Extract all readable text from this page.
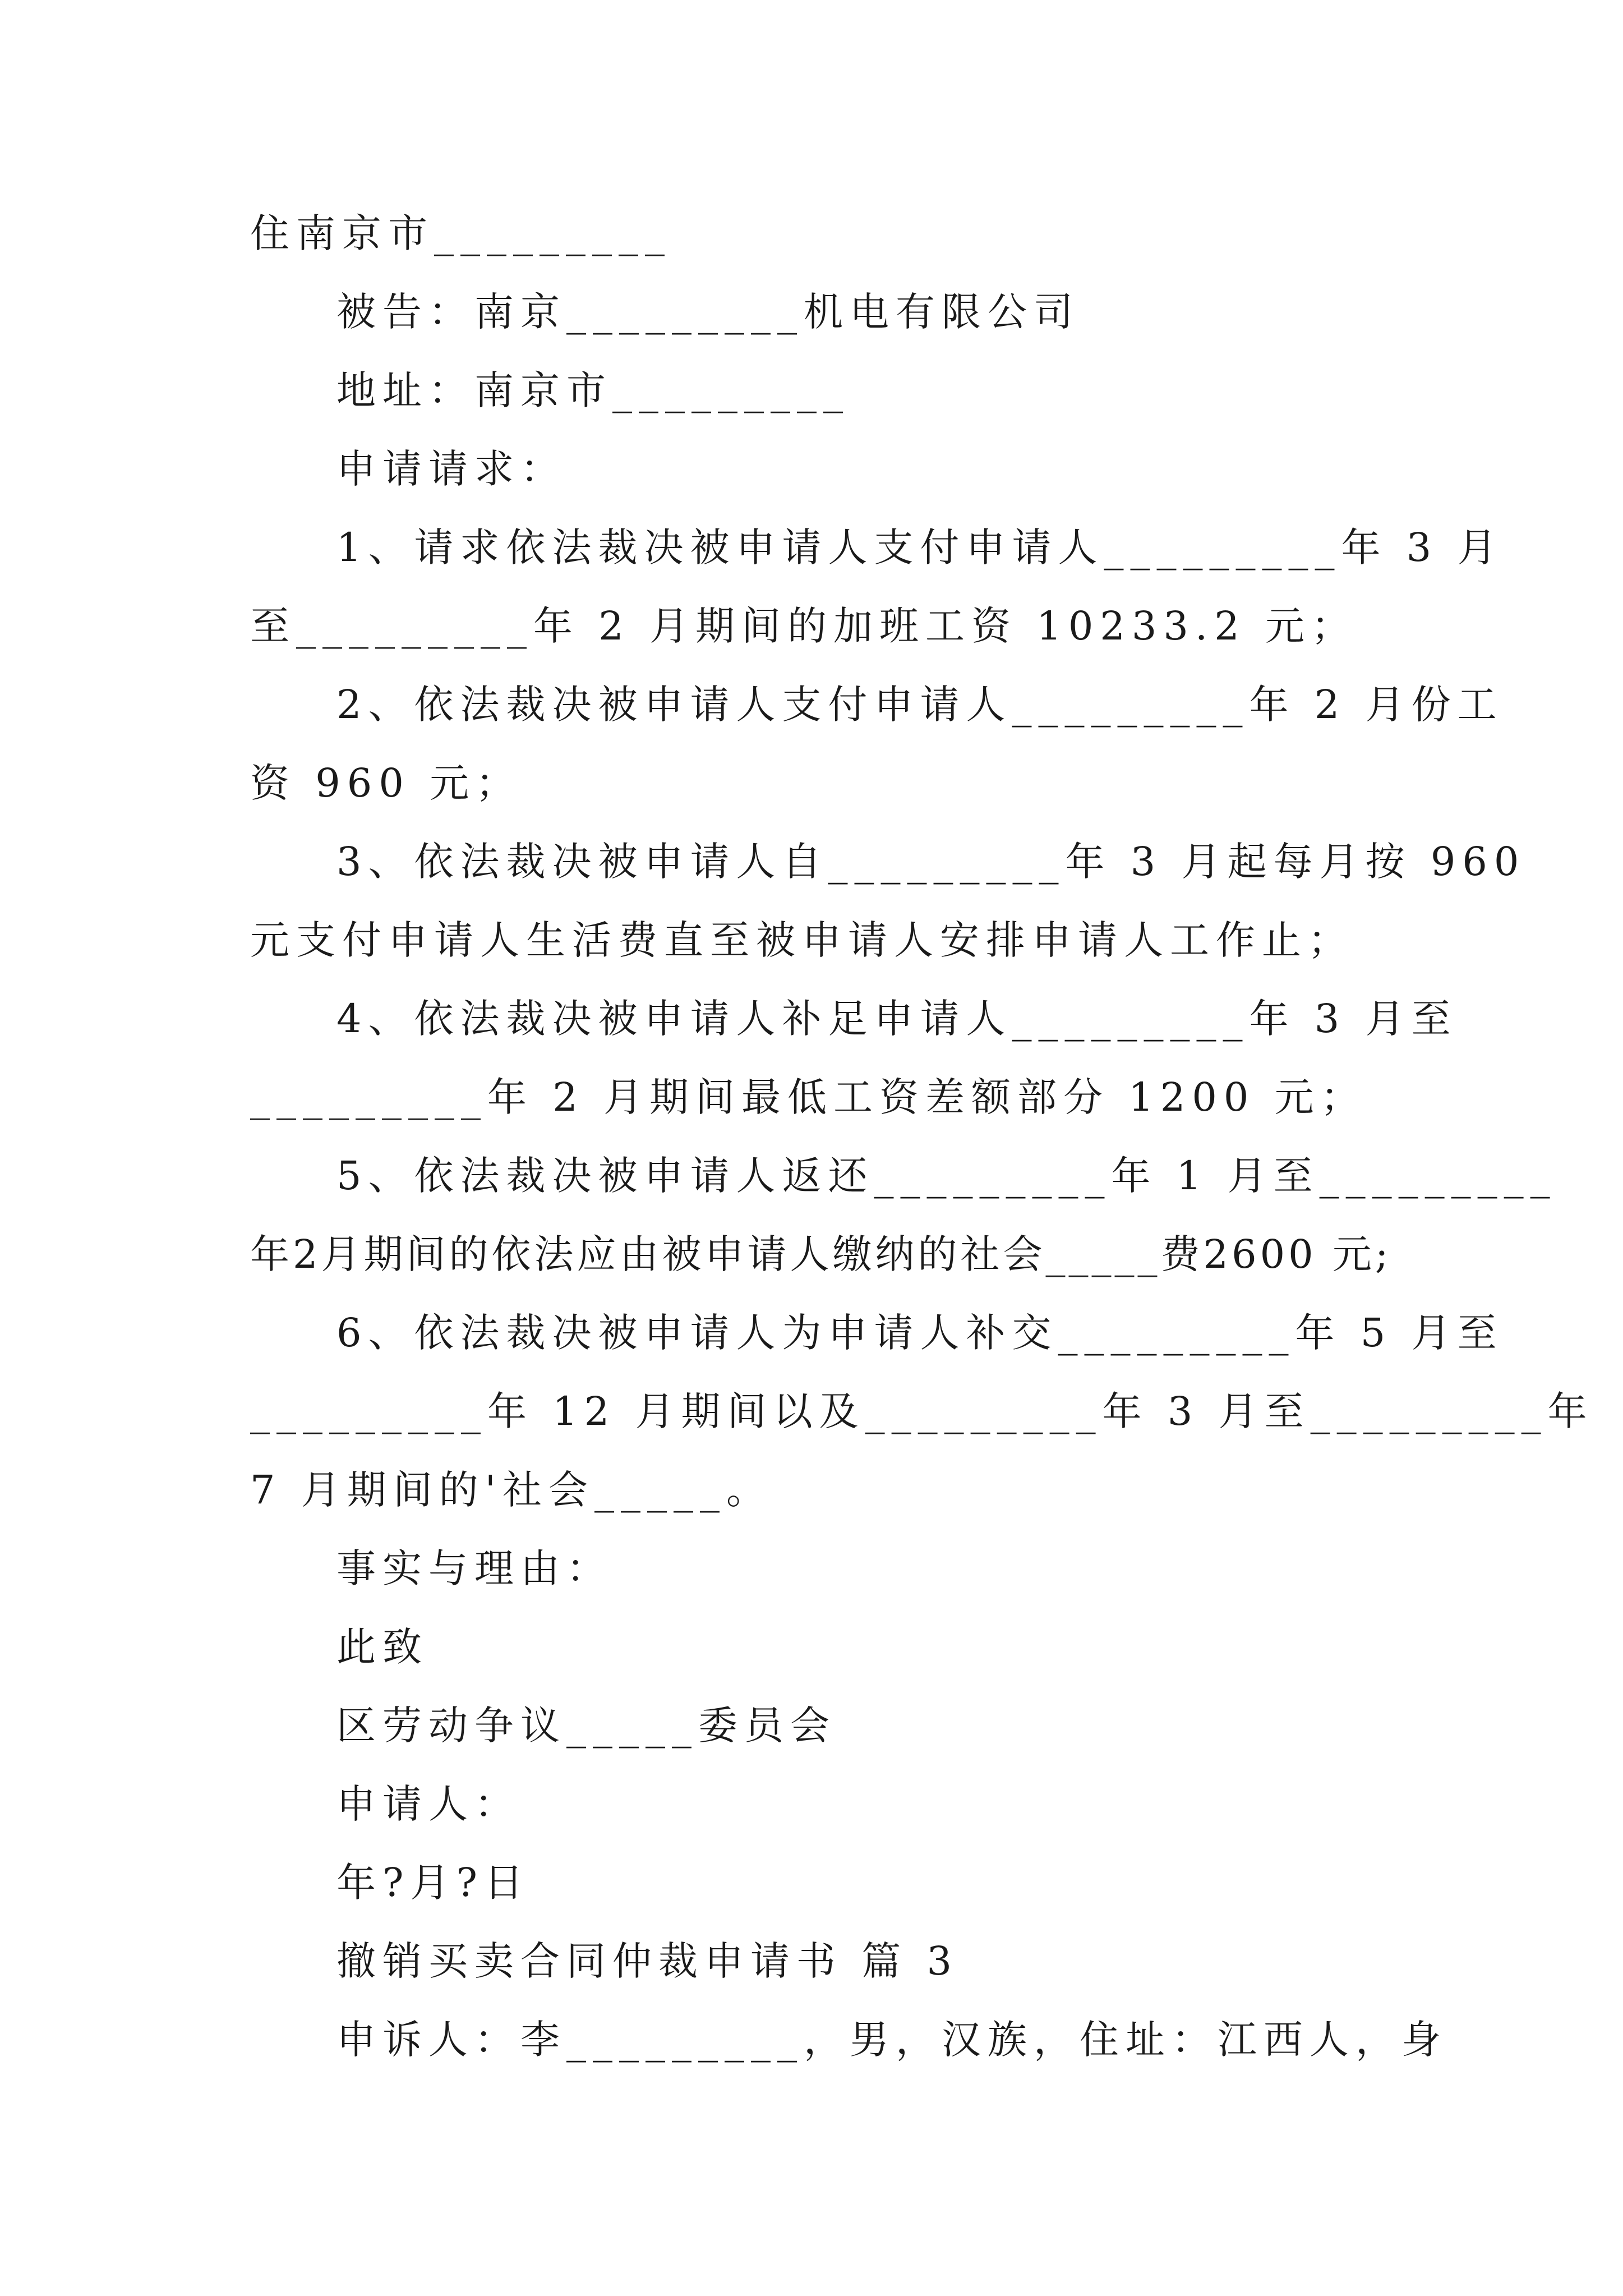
住南京市_________
被告：南京_________机电有限公司
地址：南京市_________
申请请求：
1、请求依法裁决被申请人支付申请人_________年 3 月
至_________年 2 月期间的加班工资 10233.2 元；
2、依法裁决被申请人支付申请人_________年 2 月份工
资 960 元；
3、依法裁决被申请人自_________年 3 月起每月按 960
元支付申请人生活费直至被申请人安排申请人工作止；
4、依法裁决被申请人补足申请人_________年 3 月至
_________年 2 月期间最低工资差额部分 1200 元；
5、依法裁决被申请人返还_________年 1 月至_________
年2月期间的依法应由被申请人缴纳的社会_____费2600 元;
6、依法裁决被申请人为申请人补交_________年 5 月至
_________年 12 月期间以及_________年 3 月至_________年
7 月期间的'社会_____。
事实与理由：
此致
区劳动争议_____委员会
申请人：
年?月?日
撤销买卖合同仲裁申请书 篇 3
申诉人：李_________，男，汉族，住址：江西人，身
